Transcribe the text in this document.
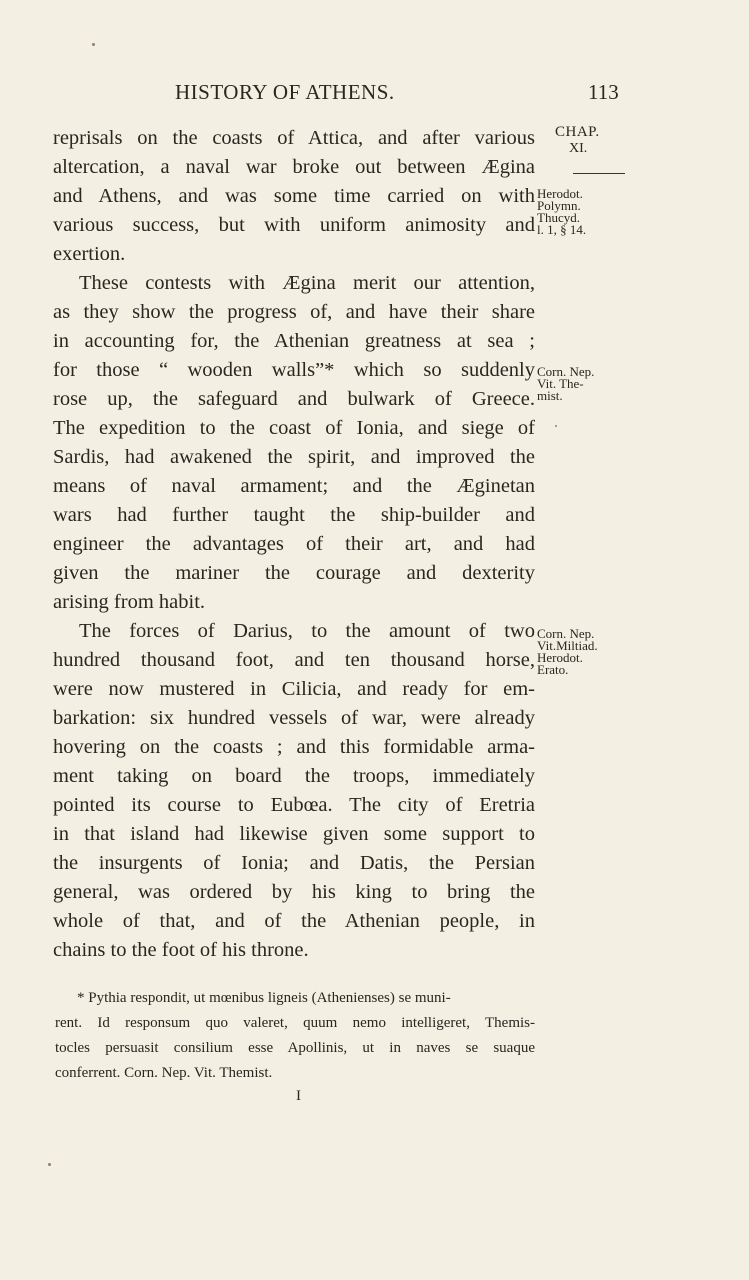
HISTORY OF ATHENS.	113
reprisals on the coasts of Attica, and after various
altercation, a naval war broke out between Ægina
and Athens, and was some time carried on with
various success, but with uniform animosity and
exertion.
These contests with Ægina merit our attention,
as they show the progress of, and have their share
in accounting for, the Athenian greatness at sea ;
for those “ wooden walls”* which so suddenly
rose up, the safeguard and bulwark of Greece.
The expedition to the coast of Ionia, and siege of
Sardis, had awakened the spirit, and improved the
means of naval armament; and the Æginetan
wars had further taught the ship-builder and
engineer the advantages of their art, and had
given the mariner the courage and dexterity
arising from habit.
The forces of Darius, to the amount of two
hundred thousand foot, and ten thousand horse,
were now mustered in Cilicia, and ready for em-
barkation: six hundred vessels of war, were already
hovering on the coasts ; and this formidable arma-
ment taking on board the troops, immediately
pointed its course to Eubœa. The city of Eretria
in that island had likewise given some support to
the insurgents of Ionia; and Datis, the Persian
general, was ordered by his king to bring the
whole of that, and of the Athenian people, in
chains to the foot of his throne.
CHAP.
XI.
Herodot.
Polymn.
Thucyd.
l. 1, § 14.
Corn. Nep.
Vit. The-
mist.
Corn. Nep.
Vit.Miltiad.
Herodot.
Erato.
* Pythia respondit, ut mœnibus ligneis (Athenienses) se muni-
rent. Id responsum quo valeret, quum nemo intelligeret, Themis-
tocles persuasit consilium esse Apollinis, ut in naves se suaque
conferrent. Corn. Nep. Vit. Themist.
I
